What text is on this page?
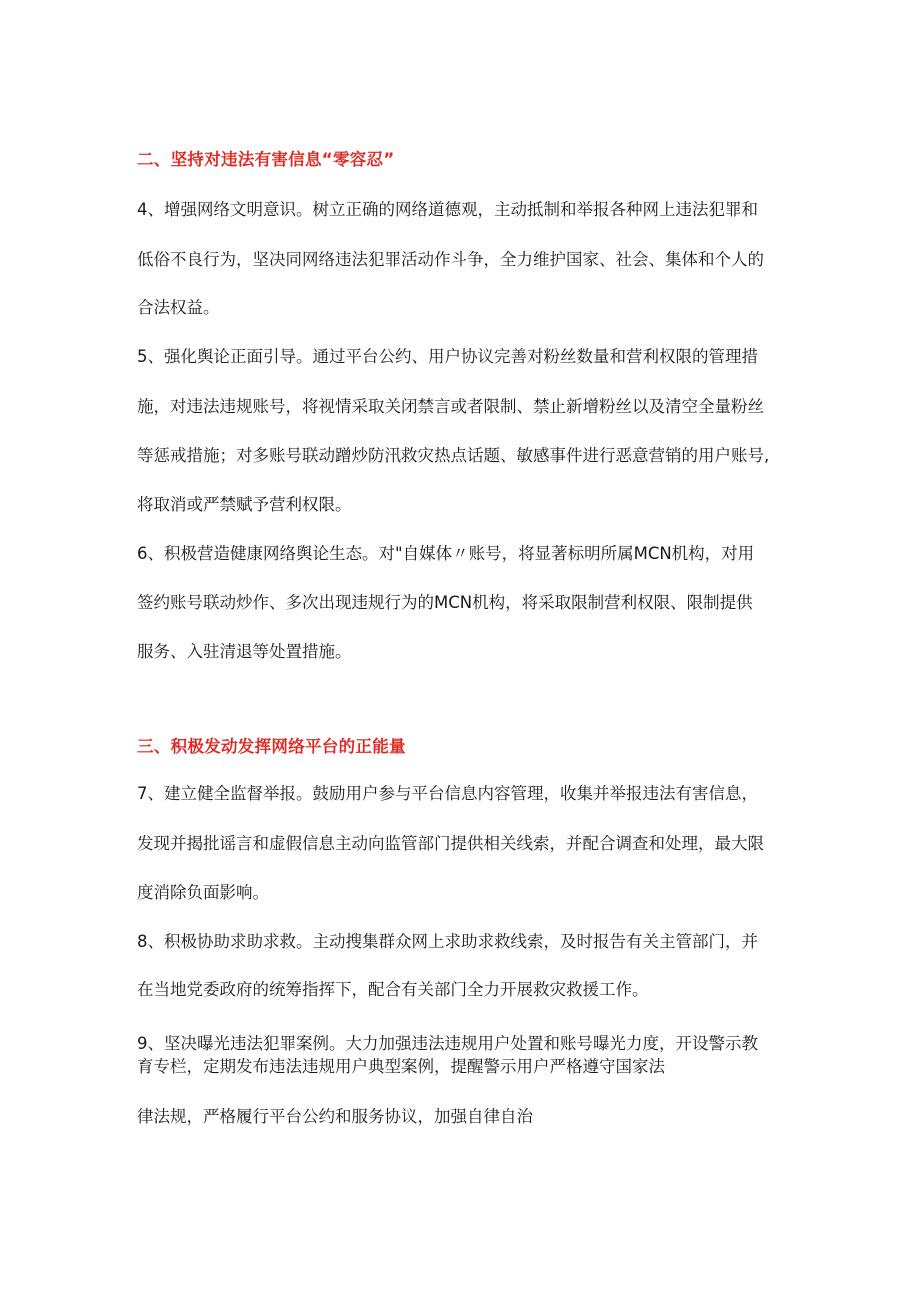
二、坚持对违法有害信息“零容忍”
4、增强网络文明意识。树立正确的网络道德观，主动抵制和举报各种网上违法犯罪和
低俗不良行为，坚决同网络违法犯罪活动作斗争，全力维护国家、社会、集体和个人的
合法权益。
5、强化舆论正面引导。通过平台公约、用户协议完善对粉丝数量和营利权限的管理措
施，对违法违规账号，将视情采取关闭禁言或者限制、禁止新增粉丝以及清空全量粉丝
等惩戒措施；对多账号联动蹭炒防汛救灾热点话题、敏感事件进行恶意营销的用户账号,
将取消或严禁赋予营利权限。
6、积极营造健康网络舆论生态。对"自媒体〃账号，将显著标明所属MCN机构，对用
签约账号联动炒作、多次出现违规行为的MCN机构，将采取限制营利权限、限制提供
服务、入驻清退等处置措施。
三、积极发动发挥网络平台的正能量
7、建立健全监督举报。鼓励用户参与平台信息内容管理，收集并举报违法有害信息，
发现并揭批谣言和虚假信息主动向监管部门提供相关线索，并配合调查和处理，最大限
度消除负面影响。
8、积极协助求助求救。主动搜集群众网上求助求救线索，及时报告有关主管部门，并
在当地党委政府的统筹指挥下，配合有关部门全力开展救灾救援工作。
9、坚决曝光违法犯罪案例。大力加强违法违规用户处置和账号曝光力度，开设警示教
育专栏，定期发布违法违规用户典型案例，提醒警示用户严格遵守国家法
律法规，严格履行平台公约和服务协议，加强自律自治
